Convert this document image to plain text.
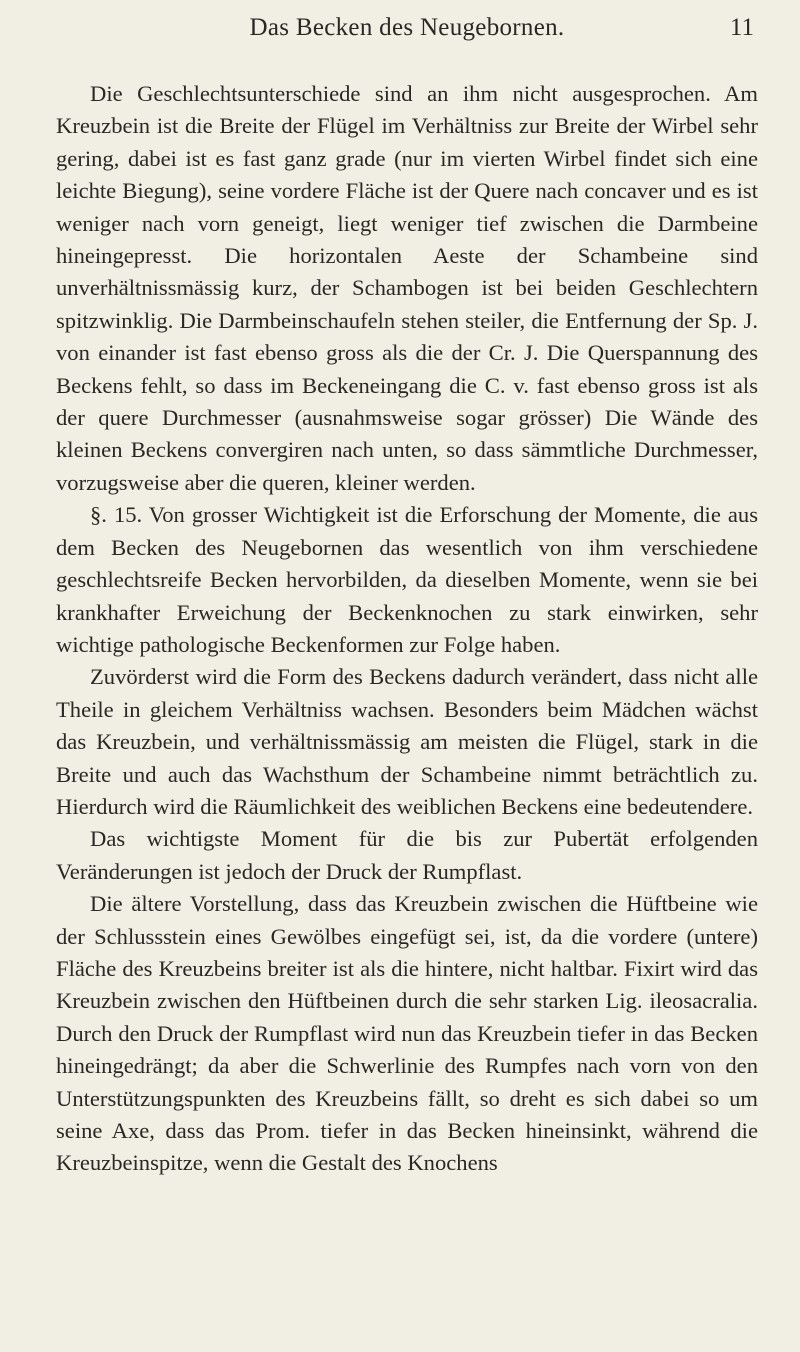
Das Becken des Neugebornen.	11

Die Geschlechtsunterschiede sind an ihm nicht ausgesprochen. Am Kreuzbein ist die Breite der Flügel im Verhältniss zur Breite der Wirbel sehr gering, dabei ist es fast ganz grade (nur im vierten Wirbel findet sich eine leichte Biegung), seine vordere Fläche ist der Quere nach concaver und es ist weniger nach vorn geneigt, liegt weniger tief zwischen die Darmbeine hineingepresst. Die horizontalen Aeste der Schambeine sind unverhältnissmässig kurz, der Schambogen ist bei beiden Geschlechtern spitzwinklig. Die Darmbeinschaufeln stehen steiler, die Entfernung der Sp. J. von einander ist fast ebenso gross als die der Cr. J. Die Querspannung des Beckens fehlt, so dass im Beckeneingang die C. v. fast ebenso gross ist als der quere Durchmesser (ausnahmsweise sogar grösser) Die Wände des kleinen Beckens convergiren nach unten, so dass sämmtliche Durchmesser, vorzugsweise aber die queren, kleiner werden.

§. 15. Von grosser Wichtigkeit ist die Erforschung der Momente, die aus dem Becken des Neugebornen das wesentlich von ihm verschiedene geschlechtsreife Becken hervorbilden, da dieselben Momente, wenn sie bei krankhafter Erweichung der Beckenknochen zu stark einwirken, sehr wichtige pathologische Beckenformen zur Folge haben.

Zuvörderst wird die Form des Beckens dadurch verändert, dass nicht alle Theile in gleichem Verhältniss wachsen. Besonders beim Mädchen wächst das Kreuzbein, und verhältnissmässig am meisten die Flügel, stark in die Breite und auch das Wachsthum der Schambeine nimmt beträchtlich zu. Hierdurch wird die Räumlichkeit des weiblichen Beckens eine bedeutendere.

Das wichtigste Moment für die bis zur Pubertät erfolgenden Veränderungen ist jedoch der Druck der Rumpflast.

Die ältere Vorstellung, dass das Kreuzbein zwischen die Hüftbeine wie der Schlussstein eines Gewölbes eingefügt sei, ist, da die vordere (untere) Fläche des Kreuzbeins breiter ist als die hintere, nicht haltbar. Fixirt wird das Kreuzbein zwischen den Hüftbeinen durch die sehr starken Lig. ileosacralia. Durch den Druck der Rumpflast wird nun das Kreuzbein tiefer in das Becken hineingedrängt; da aber die Schwerlinie des Rumpfes nach vorn von den Unterstützungspunkten des Kreuzbeins fällt, so dreht es sich dabei so um seine Axe, dass das Prom. tiefer in das Becken hineinsinkt, während die Kreuzbeinspitze, wenn die Gestalt des Knochens
